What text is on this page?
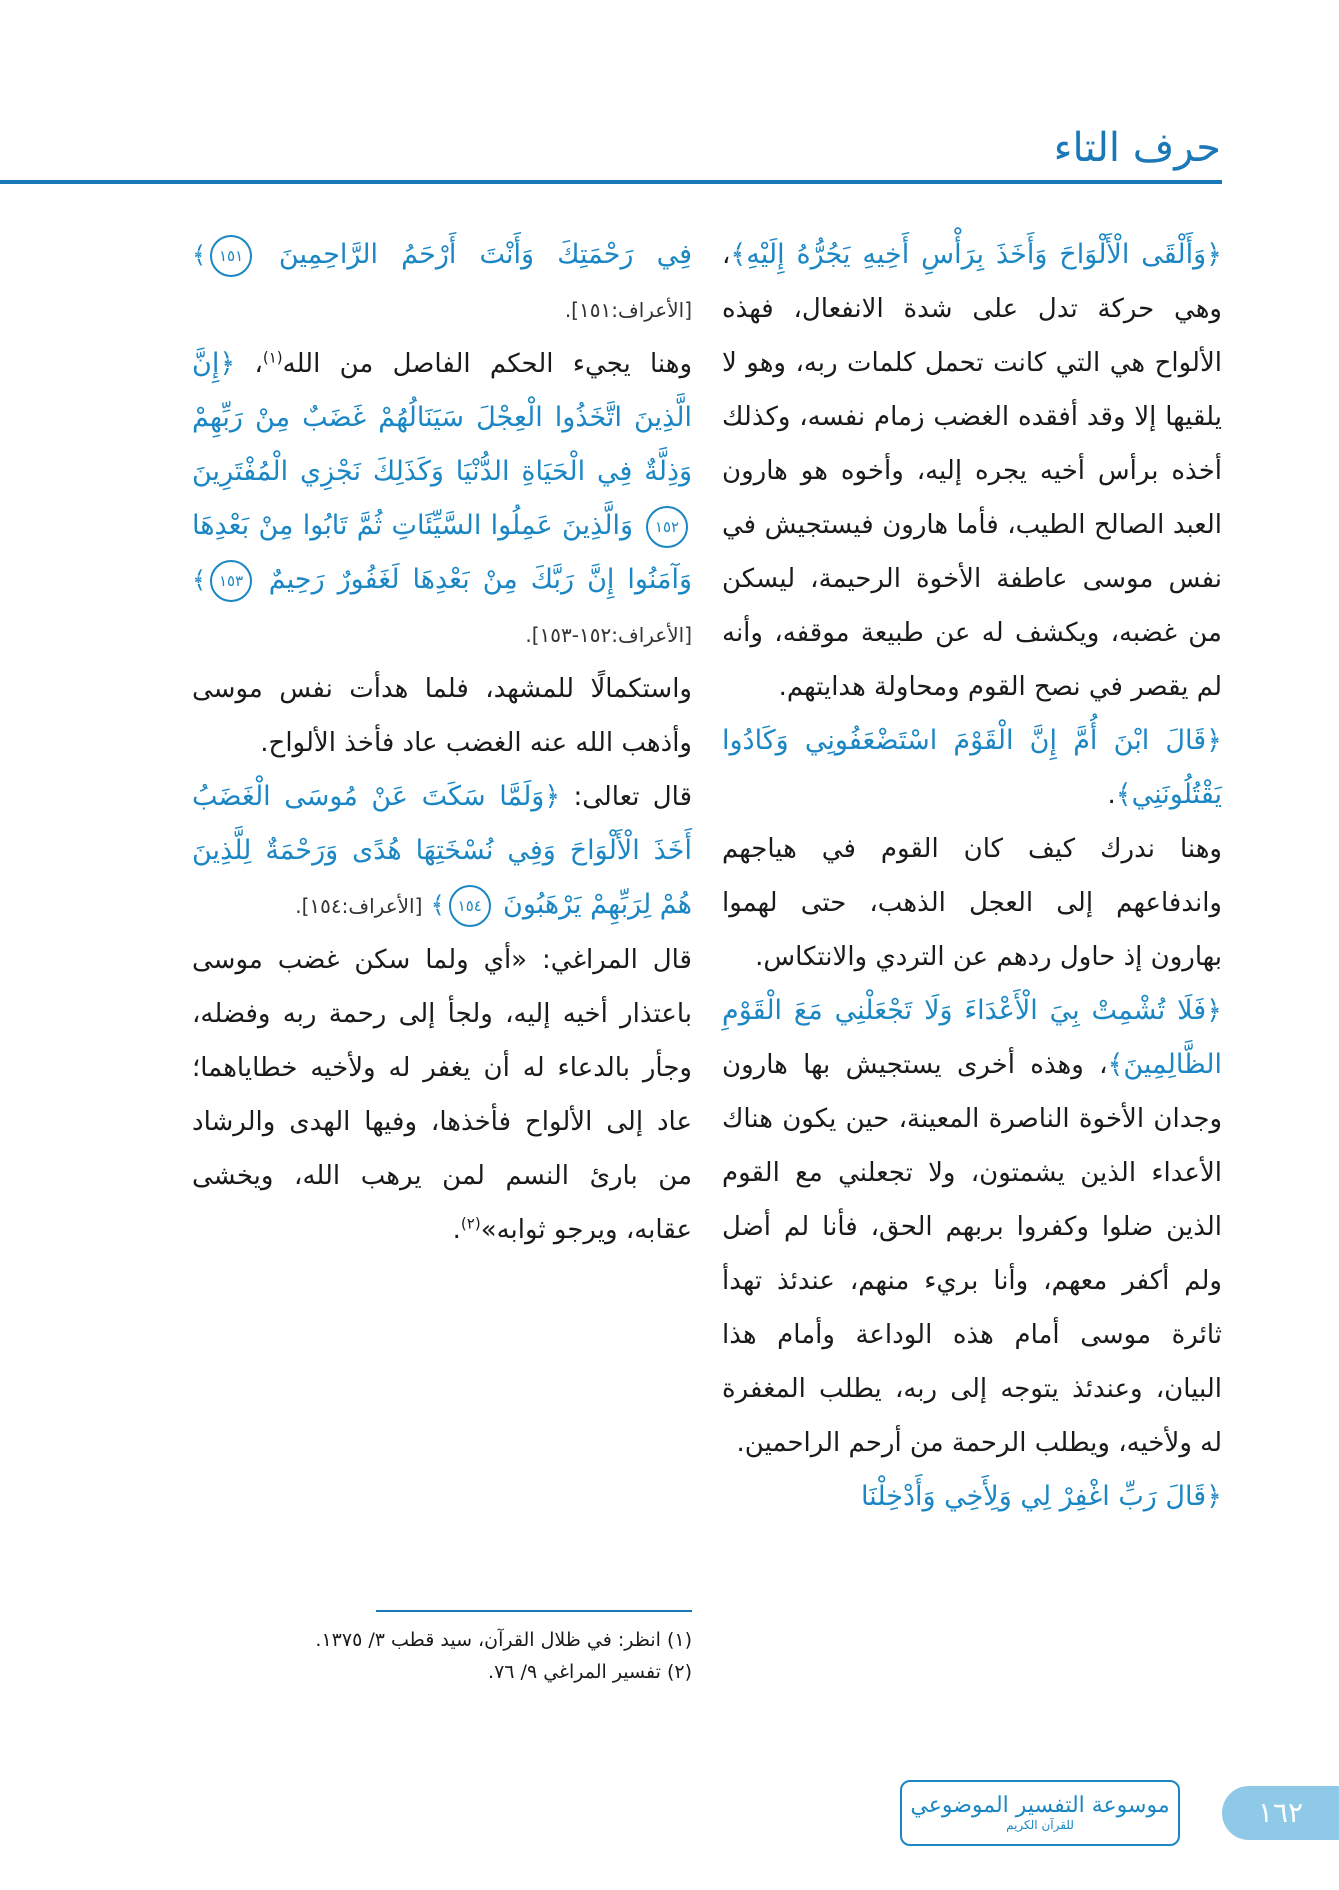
حرف التاء

﴿وَأَلْقَى الْأَلْوَاحَ وَأَخَذَ بِرَأْسِ أَخِيهِ يَجُرُّهُ إِلَيْهِ﴾، وهي حركة تدل على شدة الانفعال، فهذه الألواح هي التي كانت تحمل كلمات ربه، وهو لا يلقيها إلا وقد أفقده الغضب زمام نفسه، وكذلك أخذه برأس أخيه يجره إليه، وأخوه هو هارون العبد الصالح الطيب، فأما هارون فيستجيش في نفس موسى عاطفة الأخوة الرحيمة، ليسكن من غضبه، ويكشف له عن طبيعة موقفه، وأنه لم يقصر في نصح القوم ومحاولة هدايتهم.

﴿قَالَ ابْنَ أُمَّ إِنَّ الْقَوْمَ اسْتَضْعَفُونِي وَكَادُوا يَقْتُلُونَنِي﴾.

وهنا ندرك كيف كان القوم في هياجهم واندفاعهم إلى العجل الذهب، حتى لهموا بهارون إذ حاول ردهم عن التردي والانتكاس.

﴿فَلَا تُشْمِتْ بِيَ الْأَعْدَاءَ وَلَا تَجْعَلْنِي مَعَ الْقَوْمِ الظَّالِمِينَ﴾، وهذه أخرى يستجيش بها هارون وجدان الأخوة الناصرة المعينة، حين يكون هناك الأعداء الذين يشمتون، ولا تجعلني مع القوم الذين ضلوا وكفروا بربهم الحق، فأنا لم أضل ولم أكفر معهم، وأنا بريء منهم، عندئذ تهدأ ثائرة موسى أمام هذه الوداعة وأمام هذا البيان، وعندئذ يتوجه إلى ربه، يطلب المغفرة له ولأخيه، ويطلب الرحمة من أرحم الراحمين.

﴿قَالَ رَبِّ اغْفِرْ لِي وَلِأَخِي وَأَدْخِلْنَا

فِي رَحْمَتِكَ وَأَنْتَ أَرْحَمُ الرَّاحِمِينَ ١٥١﴾ [الأعراف:١٥١].

وهنا يجيء الحكم الفاصل من الله$^{(١)}$، ﴿إِنَّ الَّذِينَ اتَّخَذُوا الْعِجْلَ سَيَنَالُهُمْ غَضَبٌ مِنْ رَبِّهِمْ وَذِلَّةٌ فِي الْحَيَاةِ الدُّنْيَا وَكَذَلِكَ نَجْزِي الْمُفْتَرِينَ ١٥٢ وَالَّذِينَ عَمِلُوا السَّيِّئَاتِ ثُمَّ تَابُوا مِنْ بَعْدِهَا وَآمَنُوا إِنَّ رَبَّكَ مِنْ بَعْدِهَا لَغَفُورٌ رَحِيمٌ ١٥٣﴾ [الأعراف:١٥٢-١٥٣].

واستكمالًا للمشهد، فلما هدأت نفس موسى وأذهب الله عنه الغضب عاد فأخذ الألواح.

قال تعالى: ﴿وَلَمَّا سَكَتَ عَنْ مُوسَى الْغَضَبُ أَخَذَ الْأَلْوَاحَ وَفِي نُسْخَتِهَا هُدًى وَرَحْمَةٌ لِلَّذِينَ هُمْ لِرَبِّهِمْ يَرْهَبُونَ ١٥٤﴾ [الأعراف:١٥٤].

قال المراغي: «أي ولما سكن غضب موسى باعتذار أخيه إليه، ولجأ إلى رحمة ربه وفضله، وجأر بالدعاء له أن يغفر له ولأخيه خطاياهما؛ عاد إلى الألواح فأخذها، وفيها الهدى والرشاد من بارئ النسم لمن يرهب الله، ويخشى عقابه، ويرجو ثوابه»$^{(٢)}$.

(١) انظر: في ظلال القرآن، سيد قطب ٣/ ١٣٧٥.
(٢) تفسير المراغي ٩/ ٧٦.
موسوعة التفسير الموضوعي
للقرآن الكريم	١٦٢
